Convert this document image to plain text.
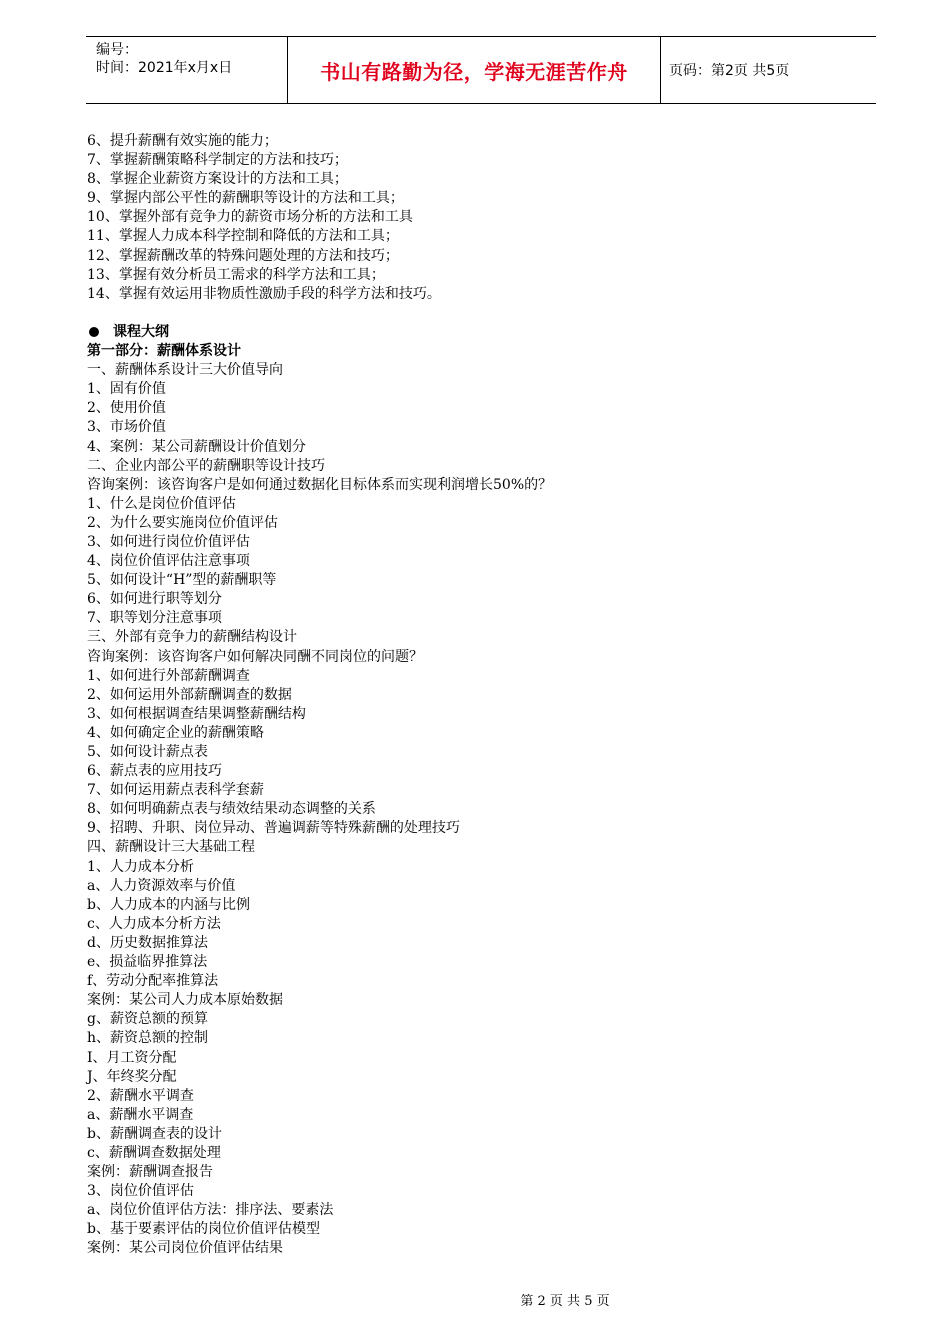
编号：
时间：2021年x月x日	书山有路勤为径，学海无涯苦作舟	页码：第2页 共5页
6、提升薪酬有效实施的能力；
7、掌握薪酬策略科学制定的方法和技巧；
8、掌握企业薪资方案设计的方法和工具；
9、掌握内部公平性的薪酬职等设计的方法和工具；
10、掌握外部有竞争力的薪资市场分析的方法和工具
11、掌握人力成本科学控制和降低的方法和工具；
12、掌握薪酬改革的特殊问题处理的方法和技巧；
13、掌握有效分析员工需求的科学方法和工具；
14、掌握有效运用非物质性激励手段的科学方法和技巧。
课程大纲
第一部分：薪酬体系设计
一、薪酬体系设计三大价值导向
1、固有价值
2、使用价值
3、市场价值
4、案例：某公司薪酬设计价值划分
二、企业内部公平的薪酬职等设计技巧
咨询案例：该咨询客户是如何通过数据化目标体系而实现利润增长50%的？
1、什么是岗位价值评估
2、为什么要实施岗位价值评估
3、如何进行岗位价值评估
4、岗位价值评估注意事项
5、如何设计“H”型的薪酬职等
6、如何进行职等划分
7、职等划分注意事项
三、外部有竞争力的薪酬结构设计
咨询案例：该咨询客户如何解决同酬不同岗位的问题？
1、如何进行外部薪酬调查
2、如何运用外部薪酬调查的数据
3、如何根据调查结果调整薪酬结构
4、如何确定企业的薪酬策略
5、如何设计薪点表
6、薪点表的应用技巧
7、如何运用薪点表科学套薪
8、如何明确薪点表与绩效结果动态调整的关系
9、招聘、升职、岗位异动、普遍调薪等特殊薪酬的处理技巧
四、薪酬设计三大基础工程
1、人力成本分析
a、人力资源效率与价值
b、人力成本的内涵与比例
c、人力成本分析方法
d、历史数据推算法
e、损益临界推算法
f、劳动分配率推算法
案例：某公司人力成本原始数据
g、薪资总额的预算
h、薪资总额的控制
I、月工资分配
J、年终奖分配
2、薪酬水平调查
a、薪酬水平调查
b、薪酬调查表的设计
c、薪酬调查数据处理
案例：薪酬调查报告
3、岗位价值评估
a、岗位价值评估方法：排序法、要素法
b、基于要素评估的岗位价值评估模型
案例：某公司岗位价值评估结果
第 2 页 共 5 页
